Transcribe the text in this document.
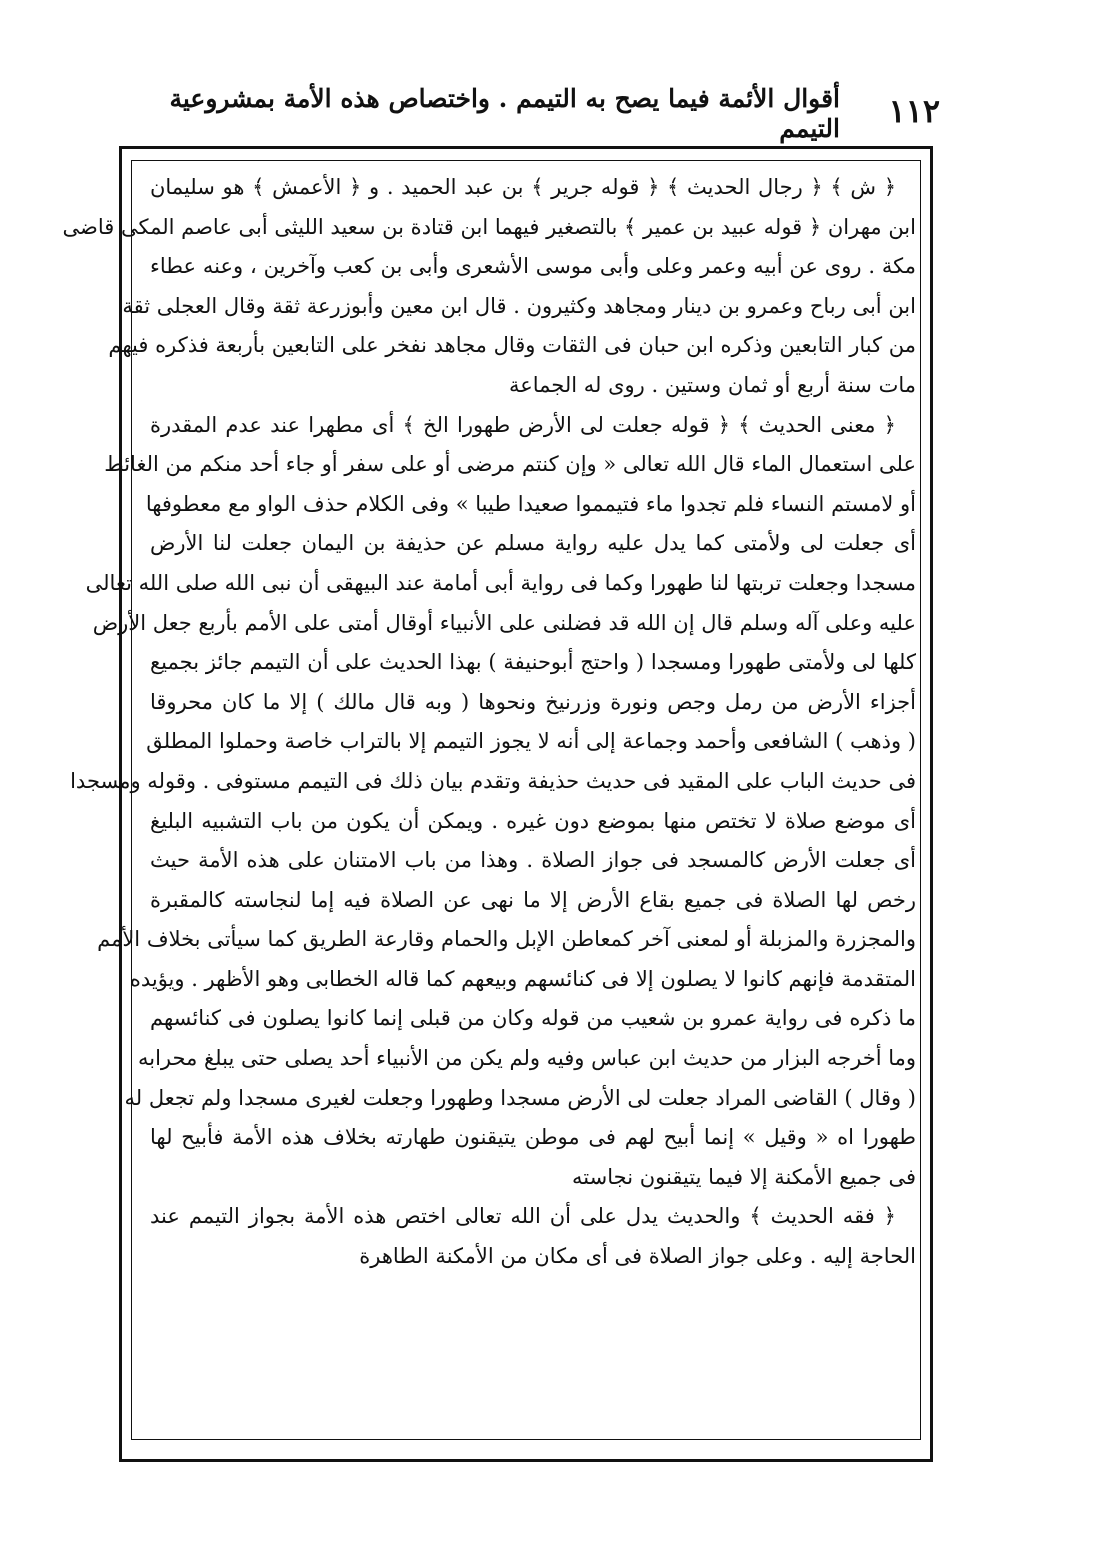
١١٢
أقوال الأئمة فيما يصح به التيمم . واختصاص هذه الأمة بمشروعية التيمم
﴿ ش ﴾ ﴿ رجال الحديث ﴾ ﴿ قوله جرير ﴾ بن عبد الحميد . و ﴿ الأعمش ﴾ هو سليمان
ابن مهران ﴿ قوله عبيد بن عمير ﴾ بالتصغير فيهما ابن قتادة بن سعيد الليثى أبى عاصم المكى قاضى
مكة . روى عن أبيه وعمر وعلى وأبى موسى الأشعرى وأبى بن كعب وآخرين ، وعنه عطاء
ابن أبى رباح وعمرو بن دينار ومجاهد وكثيرون . قال ابن معين وأبوزرعة ثقة وقال العجلى ثقة
من كبار التابعين وذكره ابن حبان فى الثقات وقال مجاهد نفخر على التابعين بأربعة فذكره فيهم
مات سنة أربع أو ثمان وستين . روى له الجماعة
﴿ معنى الحديث ﴾ ﴿ قوله جعلت لى الأرض طهورا الخ ﴾ أى مطهرا عند عدم المقدرة
على استعمال الماء قال الله تعالى « وإن كنتم مرضى أو على سفر أو جاء أحد منكم من الغائط
أو لامستم النساء فلم تجدوا ماء فتيمموا صعيدا طيبا » وفى الكلام حذف الواو مع معطوفها
أى جعلت لى ولأمتى كما يدل عليه رواية مسلم عن حذيفة بن اليمان جعلت لنا الأرض
مسجدا وجعلت تربتها لنا طهورا وكما فى رواية أبى أمامة عند البيهقى أن نبى الله صلى الله تعالى
عليه وعلى آله وسلم قال إن الله قد فضلنى على الأنبياء أوقال أمتى على الأمم بأربع جعل الأرض
كلها لى ولأمتى طهورا ومسجدا ( واحتج أبوحنيفة ) بهذا الحديث على أن التيمم جائز بجميع
أجزاء الأرض من رمل وجص ونورة وزرنيخ ونحوها ( وبه قال مالك ) إلا ما كان محروقا
( وذهب ) الشافعى وأحمد وجماعة إلى أنه لا يجوز التيمم إلا بالتراب خاصة وحملوا المطلق
فى حديث الباب على المقيد فى حديث حذيفة وتقدم بيان ذلك فى التيمم مستوفى . وقوله ومسجدا
أى موضع صلاة لا تختص منها بموضع دون غيره . ويمكن أن يكون من باب التشبيه البليغ
أى جعلت الأرض كالمسجد فى جواز الصلاة . وهذا من باب الامتنان على هذه الأمة حيث
رخص لها الصلاة فى جميع بقاع الأرض إلا ما نهى عن الصلاة فيه إما لنجاسته كالمقبرة
والمجزرة والمزبلة أو لمعنى آخر كمعاطن الإبل والحمام وقارعة الطريق كما سيأتى بخلاف الأمم
المتقدمة فإنهم كانوا لا يصلون إلا فى كنائسهم وبيعهم كما قاله الخطابى وهو الأظهر . ويؤيده
ما ذكره فى رواية عمرو بن شعيب من قوله وكان من قبلى إنما كانوا يصلون فى كنائسهم
وما أخرجه البزار من حديث ابن عباس وفيه ولم يكن من الأنبياء أحد يصلى حتى يبلغ محرابه
( وقال ) القاضى المراد جعلت لى الأرض مسجدا وطهورا وجعلت لغيرى مسجدا ولم تجعل له
طهورا اه « وقيل » إنما أبيح لهم فى موطن يتيقنون طهارته بخلاف هذه الأمة فأبيح لها
فى جميع الأمكنة إلا فيما يتيقنون نجاسته
﴿ فقه الحديث ﴾ والحديث يدل على أن الله تعالى اختص هذه الأمة بجواز التيمم عند
الحاجة إليه . وعلى جواز الصلاة فى أى مكان من الأمكنة الطاهرة
